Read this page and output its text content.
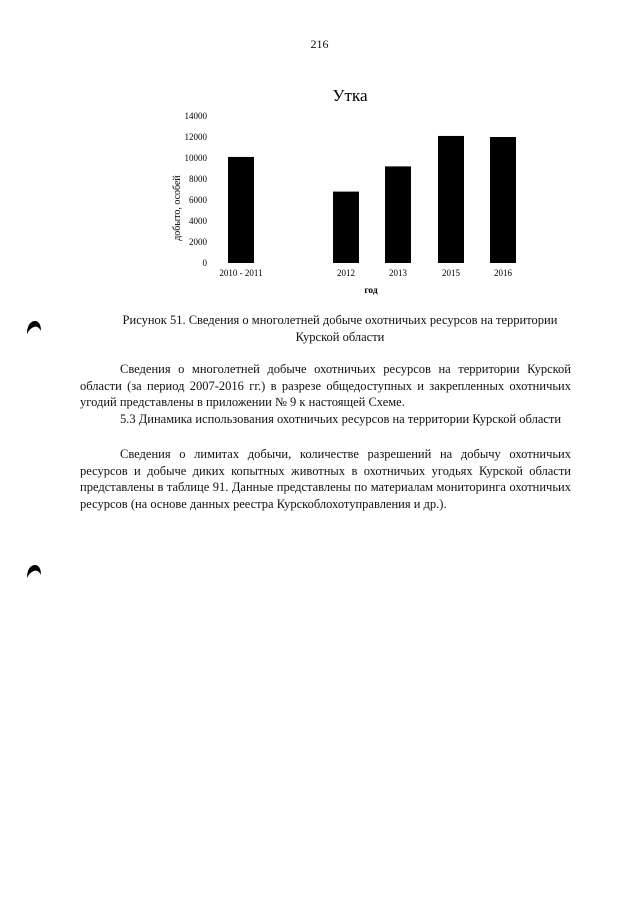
216
Утка
добыто, особей
год
0
2000
4000
6000
8000
10000
12000
14000
2010 - 2011	2012	2013	2015	2016
Рисунок 51. Сведения о многолетней добыче охотничьих ресурсов на территории Курской области
Сведения о многолетней добыче охотничьих ресурсов на территории Курской области (за период 2007-2016 гг.) в разрезе общедоступных и закрепленных охотничьих угодий представлены в приложении № 9 к настоящей Схеме.
5.3 Динамика использования охотничьих ресурсов на территории Курской области
Сведения о лимитах добычи, количестве разрешений на добычу охотничьих ресурсов и добыче диких копытных животных в охотничьих угодьях Курской области представлены в таблице 91. Данные представлены по материалам мониторинга охотничьих ресурсов (на основе данных реестра Курскоблохотуправления и др.).
